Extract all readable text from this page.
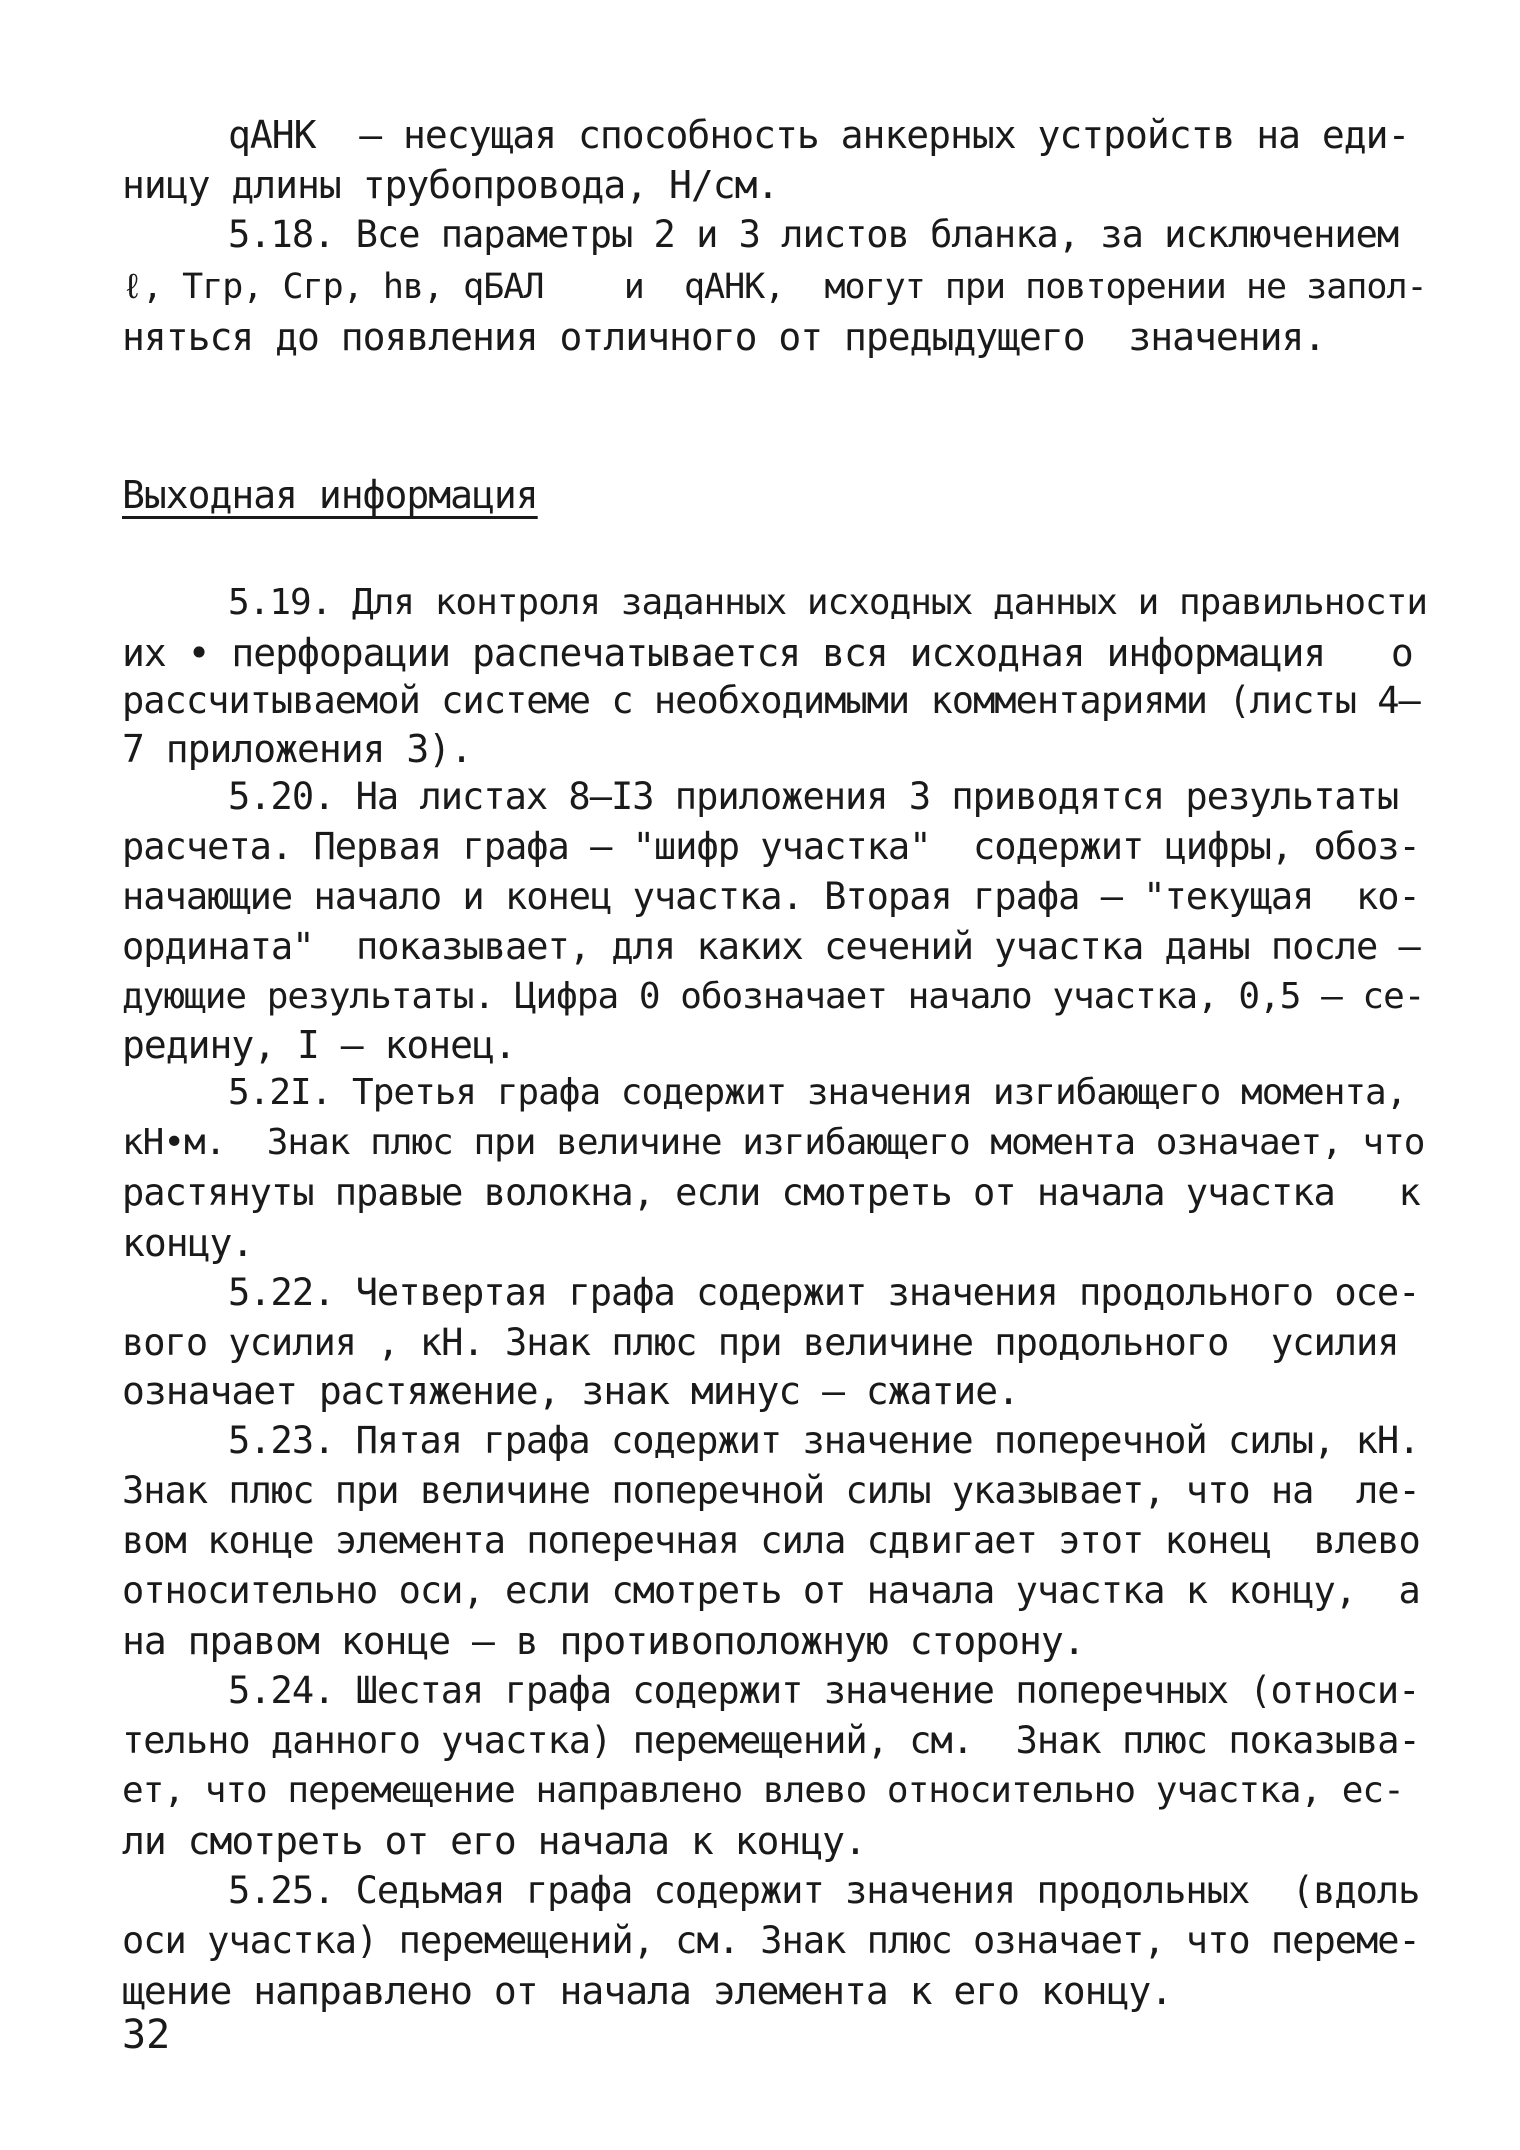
qАНК  – несущая способность анкерных устройств на еди-
ницу длины трубопровода, Н/см.
5.18. Все параметры 2 и 3 листов бланка, за исключением
ℓ, Tгр, Cгр, hв, qБАЛ    и  qАНК,  могут при повторении не запол-
няться до появления отличного от предыдущего  значения.
Выходная информация
5.19. Для контроля заданных исходных данных и правильности
их • перфорации распечатывается вся исходная информация   о
рассчитываемой системе с необходимыми комментариями (листы 4–
7 приложения 3).
5.20. На листах 8–I3 приложения 3 приводятся результаты
расчета. Первая графа – "шифр участка"  содержит цифры, обоз-
начающие начало и конец участка. Вторая графа – "текущая  ко-
ордината"  показывает, для каких сечений участка даны после –
дующие результаты. Цифра 0 обозначает начало участка, 0,5 – се-
редину, I – конец.
5.2I. Третья графа содержит значения изгибающего момента,
кН•м.  Знак плюс при величине изгибающего момента означает, что
растянуты правые волокна, если смотреть от начала участка   к
концу.
5.22. Четвертая графа содержит значения продольного осе-
вого усилия , кН. Знак плюс при величине продольного  усилия
означает растяжение, знак минус – сжатие.
5.23. Пятая графа содержит значение поперечной силы, кН.
Знак плюс при величине поперечной силы указывает, что на  ле-
вом конце элемента поперечная сила сдвигает этот конец  влево
относительно оси, если смотреть от начала участка к концу,  а
на правом конце – в противоположную сторону.
5.24. Шестая графа содержит значение поперечных (относи-
тельно данного участка) перемещений, см.  Знак плюс показыва-
ет, что перемещение направлено влево относительно участка, ес-
ли смотреть от его начала к концу.
5.25. Седьмая графа содержит значения продольных  (вдоль
оси участка) перемещений, см. Знак плюс означает, что переме-
щение направлено от начала элемента к его концу.
32
